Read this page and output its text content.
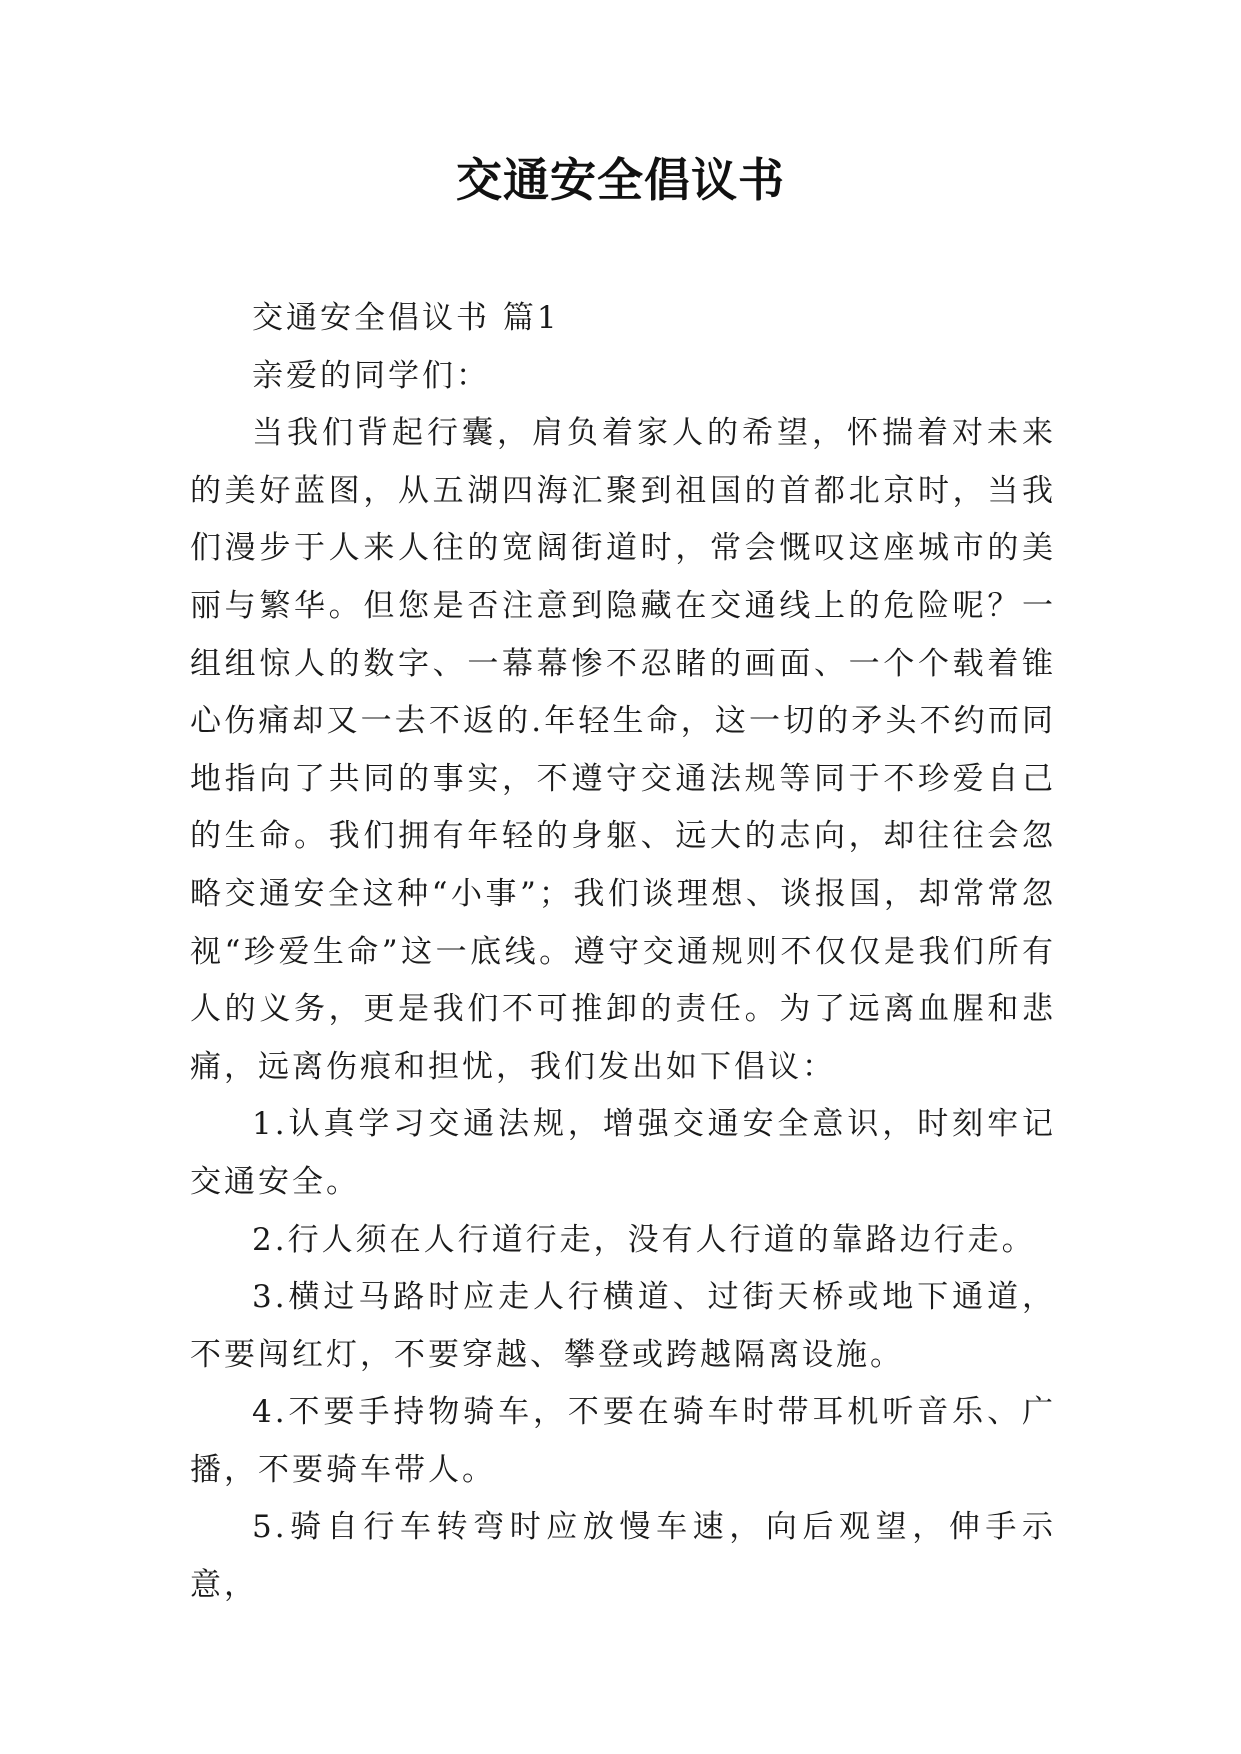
交通安全倡议书

交通安全倡议书 篇1

亲爱的同学们：

当我们背起行囊，肩负着家人的希望，怀揣着对未来的美好蓝图，从五湖四海汇聚到祖国的首都北京时，当我们漫步于人来人往的宽阔街道时，常会慨叹这座城市的美丽与繁华。但您是否注意到隐藏在交通线上的危险呢？一组组惊人的数字、一幕幕惨不忍睹的画面、一个个载着锥心伤痛却又一去不返的.年轻生命，这一切的矛头不约而同地指向了共同的事实，不遵守交通法规等同于不珍爱自己的生命。我们拥有年轻的身躯、远大的志向，却往往会忽略交通安全这种“小事”；我们谈理想、谈报国，却常常忽视“珍爱生命”这一底线。遵守交通规则不仅仅是我们所有人的义务，更是我们不可推卸的责任。为了远离血腥和悲痛，远离伤痕和担忧，我们发出如下倡议：

1.认真学习交通法规，增强交通安全意识，时刻牢记交通安全。

2.行人须在人行道行走，没有人行道的靠路边行走。

3.横过马路时应走人行横道、过街天桥或地下通道，不要闯红灯，不要穿越、攀登或跨越隔离设施。

4.不要手持物骑车，不要在骑车时带耳机听音乐、广播，不要骑车带人。

5.骑自行车转弯时应放慢车速，向后观望，伸手示意，
